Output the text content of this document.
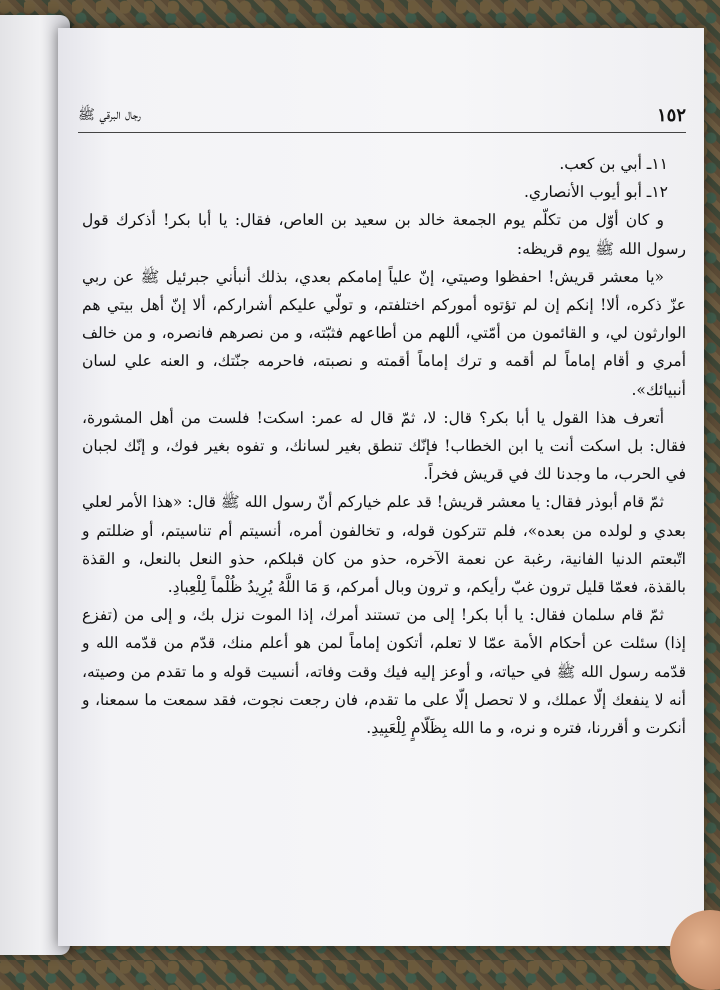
١٥٢
رجال البرقي ﷺ

١١ـ أبي بن كعب.

١٢ـ أبو أيوب الأنصاري.

و كان أوّل من تكلّم يوم الجمعة خالد بن سعيد بن العاص، فقال: يا أبا بكر! أذكرك قول رسول الله ﷺ يوم قريظه:

«يا معشر قريش! احفظوا وصيتي، إنّ علياً إمامكم بعدي، بذلك أنبأني جبرئيل ﷺ عن ربي عزّ ذكره، ألا! إنكم إن لم تؤتوه أموركم اختلفتم، و تولّي عليكم أشراركم، ألا إنّ أهل بيتي هم الوارثون لي، و القائمون من أمّتي، أللهم من أطاعهم فثبّته، و من نصرهم فانصره، و من خالف أمري و أقام إماماً لم أقمه و ترك إماماً أقمته و نصبته، فاحرمه جنّتك، و العنه علي لسان أنبيائك».

أتعرف هذا القول يا أبا بكر؟ قال: لا، ثمّ قال له عمر: اسكت! فلست من أهل المشورة، فقال: بل اسكت أنت يا ابن الخطاب! فإنّك تنطق بغير لسانك، و تفوه بغير فوك، و إنّك لجبان في الحرب، ما وجدنا لك في قريش فخراً.

ثمّ قام أبوذر فقال: يا معشر قريش! قد علم خياركم أنّ رسول الله ﷺ قال: «هذا الأمر لعلي بعدي و لولده من بعده»، فلم تتركون قوله، و تخالفون أمره، أنسيتم أم تناسيتم، أو ضللتم و اتّبعتم الدنيا الفانية، رغبة عن نعمة الآخره، حذو من كان قبلكم، حذو النعل بالنعل، و القذة بالقذة، فعمّا قليل ترون غبّ رأيكم، و ترون وبال أمركم، وَ مَا اللَّهُ يُرِيدُ ظُلْماً لِلْعِبادِ.

ثمّ قام سلمان فقال: يا أبا بكر! إلى من تستند أمرك، إذا الموت نزل بك، و إلى من (تفزع إذا) سئلت عن أحكام الأمة عمّا لا تعلم، أتكون إماماً لمن هو أعلم منك، قدّم من قدّمه الله و قدّمه رسول الله ﷺ في حياته، و أوعز إليه فيك وقت وفاته، أنسيت قوله و ما تقدم من وصيته، أنه لا ينفعك إلّا عملك، و لا تحصل إلّا على ما تقدم، فان رجعت نجوت، فقد سمعت ما سمعنا، و أنكرت و أقررنا، فتره و نره، و ما الله بِظَلّامٍ لِلْعَبِيدِ.
